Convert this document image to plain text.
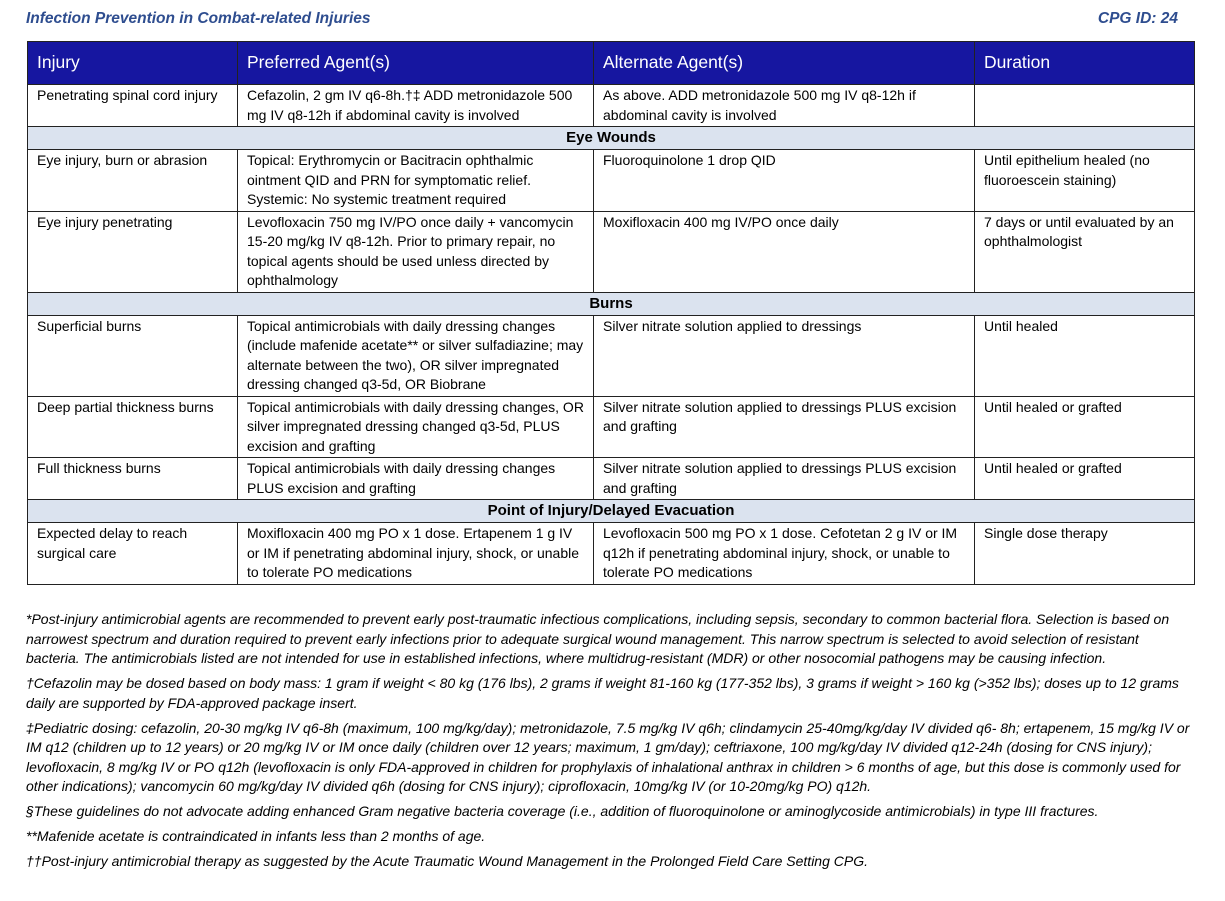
Infection Prevention in Combat-related Injuries	CPG ID: 24
Injury	Preferred Agent(s)	Alternate Agent(s)	Duration
Penetrating spinal cord injury	Cefazolin, 2 gm IV q6-8h.†‡ ADD metronidazole 500 mg IV q8-12h if abdominal cavity is involved	As above. ADD metronidazole 500 mg IV q8-12h if abdominal cavity is involved	
Eye Wounds			
Eye injury, burn or abrasion	Topical: Erythromycin or Bacitracin ophthalmic ointment QID and PRN for symptomatic relief. Systemic: No systemic treatment required	Fluoroquinolone 1 drop QID	Until epithelium healed (no fluoroescein staining)
Eye injury penetrating	Levofloxacin 750 mg IV/PO once daily + vancomycin 15-20 mg/kg IV q8-12h. Prior to primary repair, no topical agents should be used unless directed by ophthalmology	Moxifloxacin 400 mg IV/PO once daily	7 days or until evaluated by an ophthalmologist
Burns			
Superficial burns	Topical antimicrobials with daily dressing changes (include mafenide acetate** or silver sulfadiazine; may alternate between the two), OR silver impregnated dressing changed q3-5d, OR Biobrane	Silver nitrate solution applied to dressings	Until healed
Deep partial thickness burns	Topical antimicrobials with daily dressing changes, OR silver impregnated dressing changed q3-5d, PLUS excision and grafting	Silver nitrate solution applied to dressings PLUS excision and grafting	Until healed or grafted
Full thickness burns	Topical antimicrobials with daily dressing changes PLUS excision and grafting	Silver nitrate solution applied to dressings PLUS excision and grafting	Until healed or grafted
Point of Injury/Delayed Evacuation			
Expected delay to reach surgical care	Moxifloxacin 400 mg PO x 1 dose. Ertapenem 1 g IV or IM if penetrating abdominal injury, shock, or unable to tolerate PO medications	Levofloxacin 500 mg PO x 1 dose. Cefotetan 2 g IV or IM q12h if penetrating abdominal injury, shock, or unable to tolerate PO medications	Single dose therapy

*Post-injury antimicrobial agents are recommended to prevent early post-traumatic infectious complications, including sepsis, secondary to common bacterial flora. Selection is based on narrowest spectrum and duration required to prevent early infections prior to adequate surgical wound management. This narrow spectrum is selected to avoid selection of resistant bacteria. The antimicrobials listed are not intended for use in established infections, where multidrug-resistant (MDR) or other nosocomial pathogens may be causing infection.

†Cefazolin may be dosed based on body mass: 1 gram if weight < 80 kg (176 lbs), 2 grams if weight 81-160 kg (177-352 lbs), 3 grams if weight > 160 kg (>352 lbs); doses up to 12 grams daily are supported by FDA-approved package insert.

‡Pediatric dosing: cefazolin, 20-30 mg/kg IV q6-8h (maximum, 100 mg/kg/day); metronidazole, 7.5 mg/kg IV q6h; clindamycin 25-40mg/kg/day IV divided q6- 8h; ertapenem, 15 mg/kg IV or IM q12 (children up to 12 years) or 20 mg/kg IV or IM once daily (children over 12 years; maximum, 1 gm/day); ceftriaxone, 100 mg/kg/day IV divided q12-24h (dosing for CNS injury); levofloxacin, 8 mg/kg IV or PO q12h (levofloxacin is only FDA-approved in children for prophylaxis of inhalational anthrax in children > 6 months of age, but this dose is commonly used for other indications); vancomycin 60 mg/kg/day IV divided q6h (dosing for CNS injury); ciprofloxacin, 10mg/kg IV (or 10-20mg/kg PO) q12h.

§These guidelines do not advocate adding enhanced Gram negative bacteria coverage (i.e., addition of fluoroquinolone or aminoglycoside antimicrobials) in type III fractures.

**Mafenide acetate is contraindicated in infants less than 2 months of age.

††Post-injury antimicrobial therapy as suggested by the Acute Traumatic Wound Management in the Prolonged Field Care Setting CPG.
